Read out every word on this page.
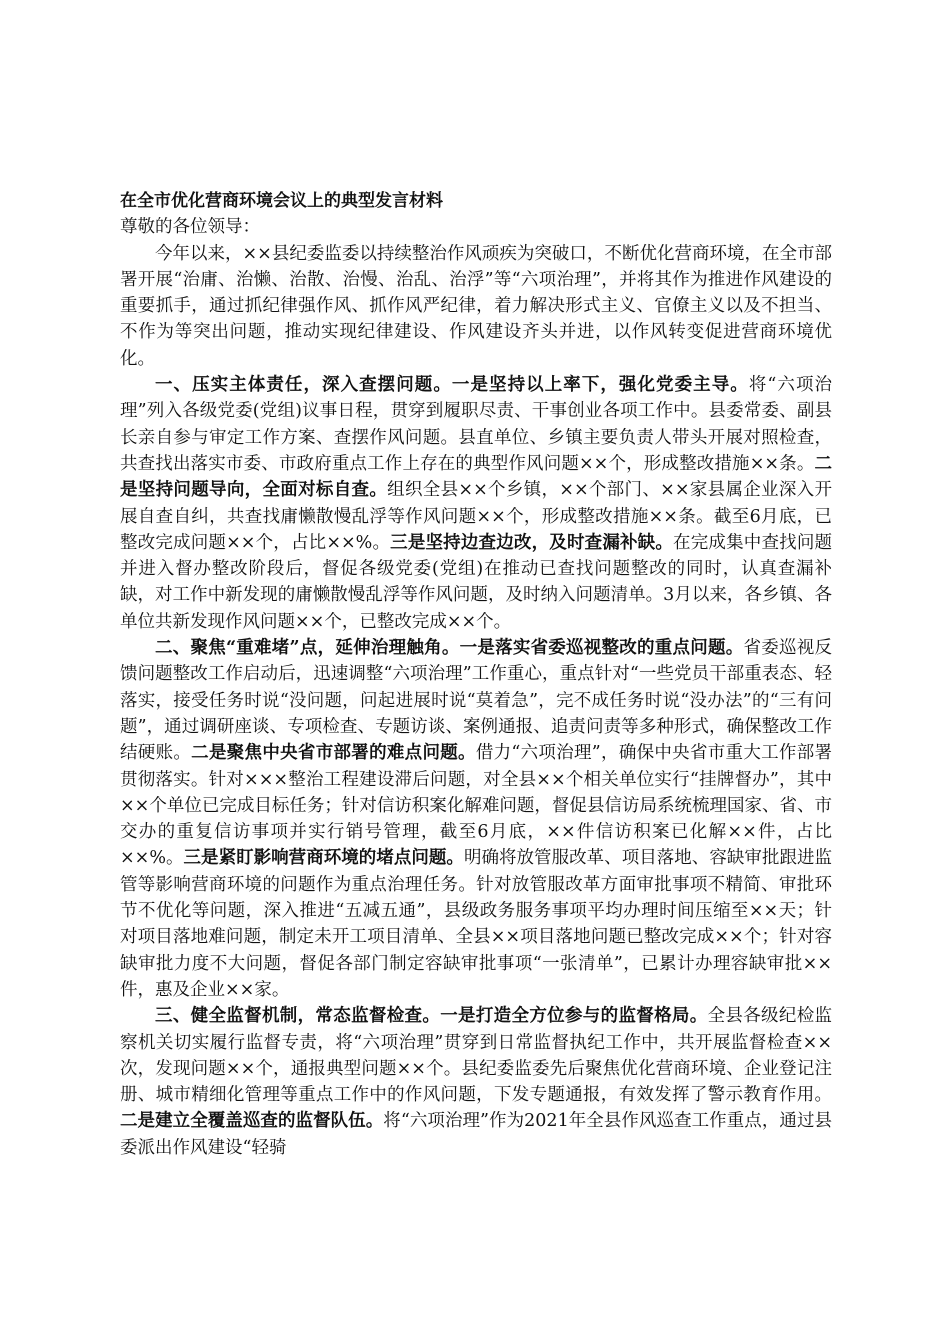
在全市优化营商环境会议上的典型发言材料

尊敬的各位领导：

今年以来，××县纪委监委以持续整治作风顽疾为突破口，不断优化营商环境，在全市部署开展“治庸、治懒、治散、治慢、治乱、治浮”等“六项治理”，并将其作为推进作风建设的重要抓手，通过抓纪律强作风、抓作风严纪律，着力解决形式主义、官僚主义以及不担当、不作为等突出问题，推动实现纪律建设、作风建设齐头并进，以作风转变促进营商环境优化。

一、压实主体责任，深入查摆问题。一是坚持以上率下，强化党委主导。将“六项治理”列入各级党委(党组)议事日程，贯穿到履职尽责、干事创业各项工作中。县委常委、副县长亲自参与审定工作方案、查摆作风问题。县直单位、乡镇主要负责人带头开展对照检查，共查找出落实市委、市政府重点工作上存在的典型作风问题××个，形成整改措施××条。二是坚持问题导向，全面对标自查。组织全县××个乡镇，××个部门、××家县属企业深入开展自查自纠，共查找庸懒散慢乱浮等作风问题××个，形成整改措施××条。截至6月底，已整改完成问题××个，占比××%。三是坚持边查边改，及时查漏补缺。在完成集中查找问题并进入督办整改阶段后，督促各级党委(党组)在推动已查找问题整改的同时，认真查漏补缺，对工作中新发现的庸懒散慢乱浮等作风问题，及时纳入问题清单。3月以来，各乡镇、各单位共新发现作风问题××个，已整改完成××个。

二、聚焦“重难堵”点，延伸治理触角。一是落实省委巡视整改的重点问题。省委巡视反馈问题整改工作启动后，迅速调整“六项治理”工作重心，重点针对“一些党员干部重表态、轻落实，接受任务时说“没问题，问起进展时说“莫着急”，完不成任务时说“没办法”的“三有问题”，通过调研座谈、专项检查、专题访谈、案例通报、追责问责等多种形式，确保整改工作结硬账。二是聚焦中央省市部署的难点问题。借力“六项治理”，确保中央省市重大工作部署贯彻落实。针对×××整治工程建设滞后问题，对全县××个相关单位实行“挂牌督办”，其中××个单位已完成目标任务；针对信访积案化解难问题，督促县信访局系统梳理国家、省、市交办的重复信访事项并实行销号管理，截至6月底，××件信访积案已化解××件，占比××%。三是紧盯影响营商环境的堵点问题。明确将放管服改革、项目落地、容缺审批跟进监管等影响营商环境的问题作为重点治理任务。针对放管服改革方面审批事项不精简、审批环节不优化等问题，深入推进“五减五通”，县级政务服务事项平均办理时间压缩至××天；针对项目落地难问题，制定未开工项目清单、全县××项目落地问题已整改完成××个；针对容缺审批力度不大问题，督促各部门制定容缺审批事项“一张清单”，已累计办理容缺审批××件，惠及企业××家。

三、健全监督机制，常态监督检查。一是打造全方位参与的监督格局。全县各级纪检监察机关切实履行监督专责，将“六项治理”贯穿到日常监督执纪工作中，共开展监督检查××次，发现问题××个，通报典型问题××个。县纪委监委先后聚焦优化营商环境、企业登记注册、城市精细化管理等重点工作中的作风问题，下发专题通报，有效发挥了警示教育作用。二是建立全覆盖巡查的监督队伍。将“六项治理”作为2021年全县作风巡查工作重点，通过县委派出作风建设“轻骑
